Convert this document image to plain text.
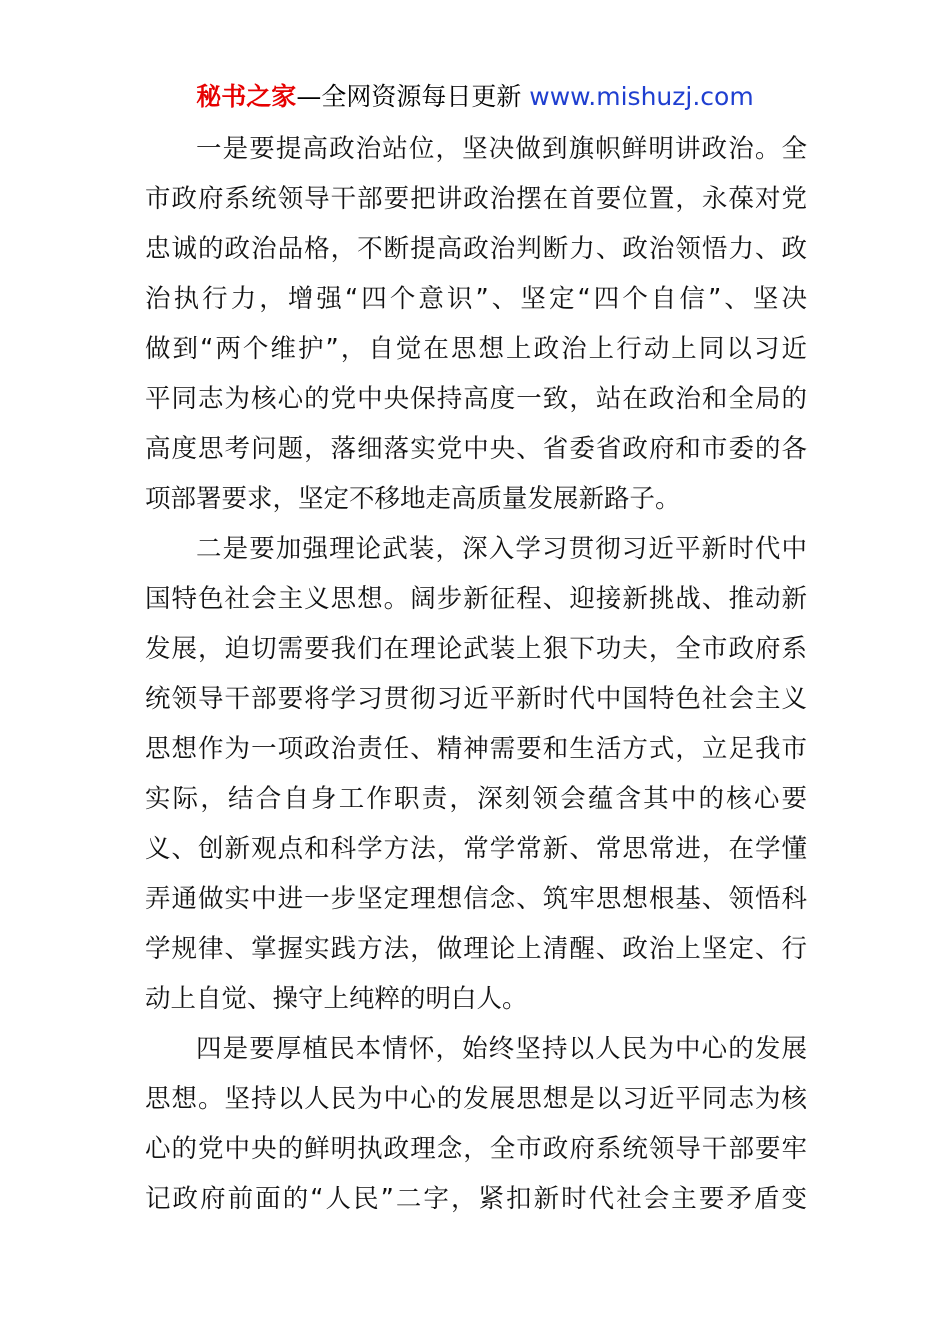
秘书之家—全网资源每日更新 www.mishuzj.com
一是要提高政治站位，坚决做到旗帜鲜明讲政治。全
市政府系统领导干部要把讲政治摆在首要位置，永葆对党
忠诚的政治品格，不断提高政治判断力、政治领悟力、政
治执行力，增强“四个意识”、坚定“四个自信”、坚决
做到“两个维护”，自觉在思想上政治上行动上同以习近
平同志为核心的党中央保持高度一致，站在政治和全局的
高度思考问题，落细落实党中央、省委省政府和市委的各
项部署要求，坚定不移地走高质量发展新路子。
二是要加强理论武装，深入学习贯彻习近平新时代中
国特色社会主义思想。阔步新征程、迎接新挑战、推动新
发展，迫切需要我们在理论武装上狠下功夫，全市政府系
统领导干部要将学习贯彻习近平新时代中国特色社会主义
思想作为一项政治责任、精神需要和生活方式，立足我市
实际，结合自身工作职责，深刻领会蕴含其中的核心要
义、创新观点和科学方法，常学常新、常思常进，在学懂
弄通做实中进一步坚定理想信念、筑牢思想根基、领悟科
学规律、掌握实践方法，做理论上清醒、政治上坚定、行
动上自觉、操守上纯粹的明白人。
四是要厚植民本情怀，始终坚持以人民为中心的发展
思想。坚持以人民为中心的发展思想是以习近平同志为核
心的党中央的鲜明执政理念，全市政府系统领导干部要牢
记政府前面的“人民”二字，紧扣新时代社会主要矛盾变
